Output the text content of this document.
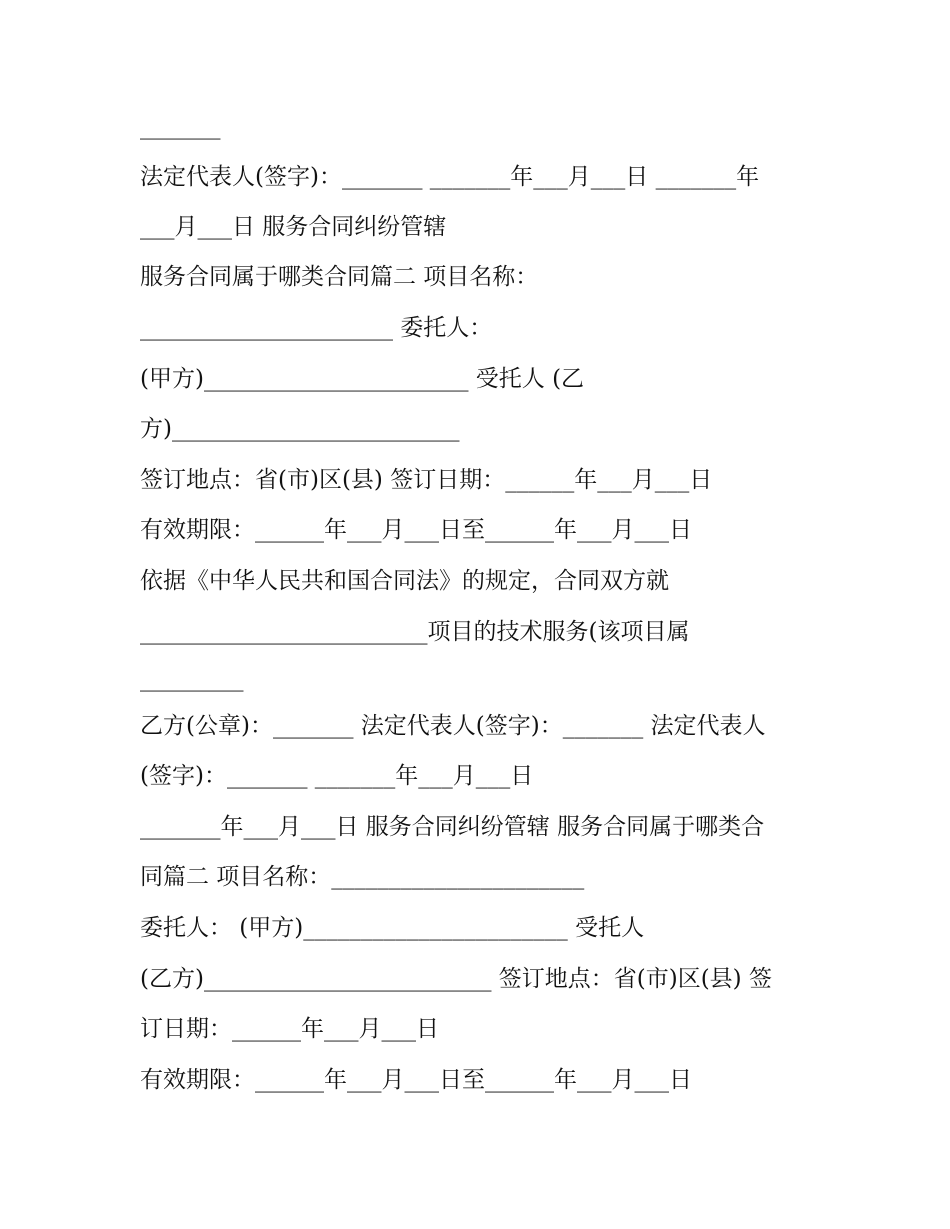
_______

法定代表人(签字)：_______ _______年___月___日 _______年

___月___日 服务合同纠纷管辖

服务合同属于哪类合同篇二 项目名称：

______________________ 委托人：

(甲方)_______________________ 受托人 (乙

方)_________________________

签订地点：省(市)区(县) 签订日期：______年___月___日

有效期限：______年___月___日至______年___月___日

依据《中华人民共和国合同法》的规定，合同双方就

_________________________项目的技术服务(该项目属

_________

乙方(公章)：_______ 法定代表人(签字)：_______ 法定代表人

(签字)：_______ _______年___月___日

_______年___月___日 服务合同纠纷管辖 服务合同属于哪类合

同篇二 项目名称：______________________

委托人： (甲方)_______________________ 受托人

(乙方)_________________________ 签订地点：省(市)区(县) 签

订日期：______年___月___日

有效期限：______年___月___日至______年___月___日
